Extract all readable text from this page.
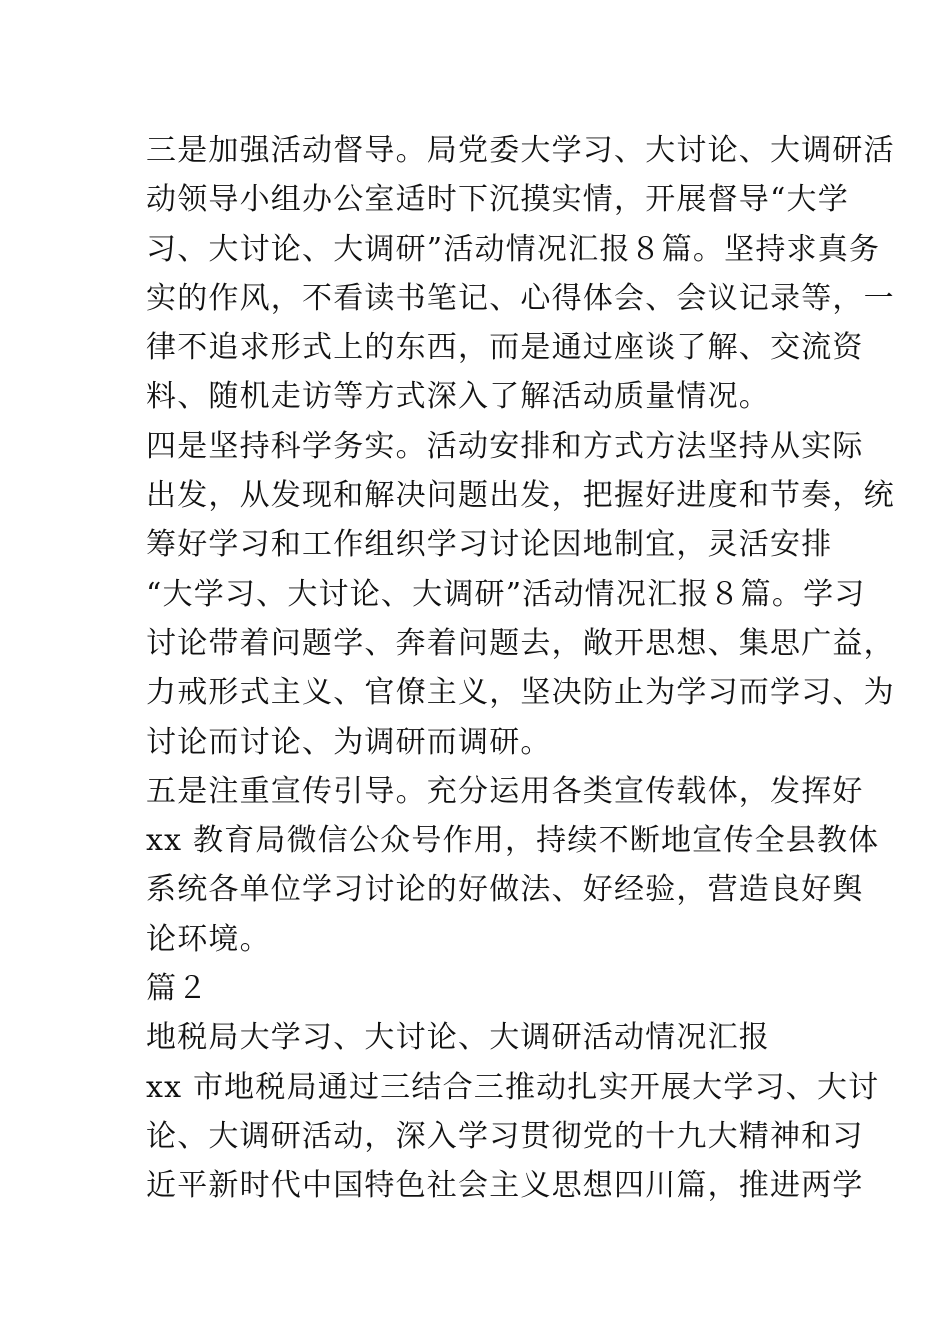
三是加强活动督导。局党委大学习、大讨论、大调研活
动领导小组办公室适时下沉摸实情，开展督导“大学
习、大讨论、大调研”活动情况汇报８篇。坚持求真务
实的作风，不看读书笔记、心得体会、会议记录等，一
律不追求形式上的东西，而是通过座谈了解、交流资
料、随机走访等方式深入了解活动质量情况。
四是坚持科学务实。活动安排和方式方法坚持从实际
出发，从发现和解决问题出发，把握好进度和节奏，统
筹好学习和工作组织学习讨论因地制宜，灵活安排
“大学习、大讨论、大调研”活动情况汇报８篇。学习
讨论带着问题学、奔着问题去，敞开思想、集思广益，
力戒形式主义、官僚主义，坚决防止为学习而学习、为
讨论而讨论、为调研而调研。
五是注重宣传引导。充分运用各类宣传载体，发挥好
xx 教育局微信公众号作用，持续不断地宣传全县教体
系统各单位学习讨论的好做法、好经验，营造良好舆
论环境。
篇２
地税局大学习、大讨论、大调研活动情况汇报
xx 市地税局通过三结合三推动扎实开展大学习、大讨
论、大调研活动，深入学习贯彻党的十九大精神和习
近平新时代中国特色社会主义思想四川篇，推进两学
